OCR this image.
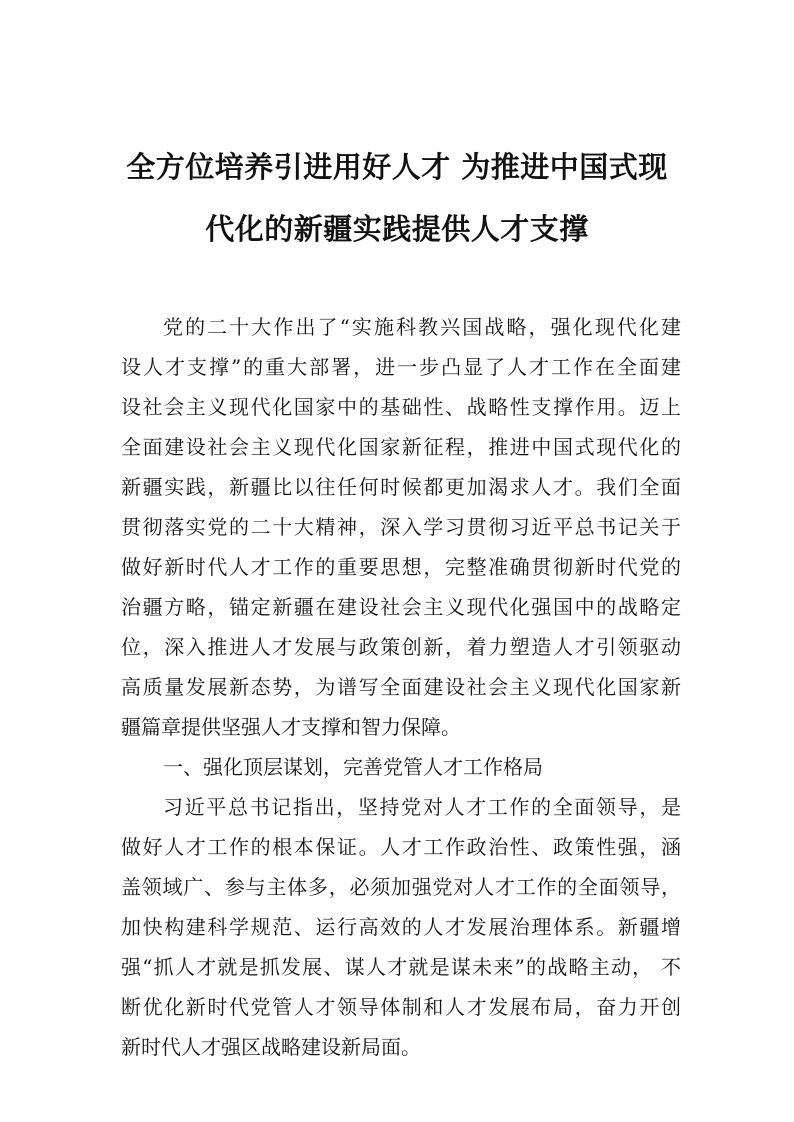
全方位培养引进用好人才 为推进中国式现
代化的新疆实践提供人才支撑
党的二十大作出了“实施科教兴国战略，强化现代化建
设人才支撑”的重大部署，进一步凸显了人才工作在全面建
设社会主义现代化国家中的基础性、战略性支撑作用。迈上
全面建设社会主义现代化国家新征程，推进中国式现代化的
新疆实践，新疆比以往任何时候都更加渴求人才。我们全面
贯彻落实党的二十大精神，深入学习贯彻习近平总书记关于
做好新时代人才工作的重要思想，完整准确贯彻新时代党的
治疆方略，锚定新疆在建设社会主义现代化强国中的战略定
位，深入推进人才发展与政策创新，着力塑造人才引领驱动
高质量发展新态势，为谱写全面建设社会主义现代化国家新
疆篇章提供坚强人才支撑和智力保障。
一、强化顶层谋划，完善党管人才工作格局
习近平总书记指出，坚持党对人才工作的全面领导，是
做好人才工作的根本保证。人才工作政治性、政策性强，涵
盖领域广、参与主体多，必须加强党对人才工作的全面领导，
加快构建科学规范、运行高效的人才发展治理体系。新疆增
强“抓人才就是抓发展、谋人才就是谋未来”的战略主动， 不
断优化新时代党管人才领导体制和人才发展布局，奋力开创
新时代人才强区战略建设新局面。
